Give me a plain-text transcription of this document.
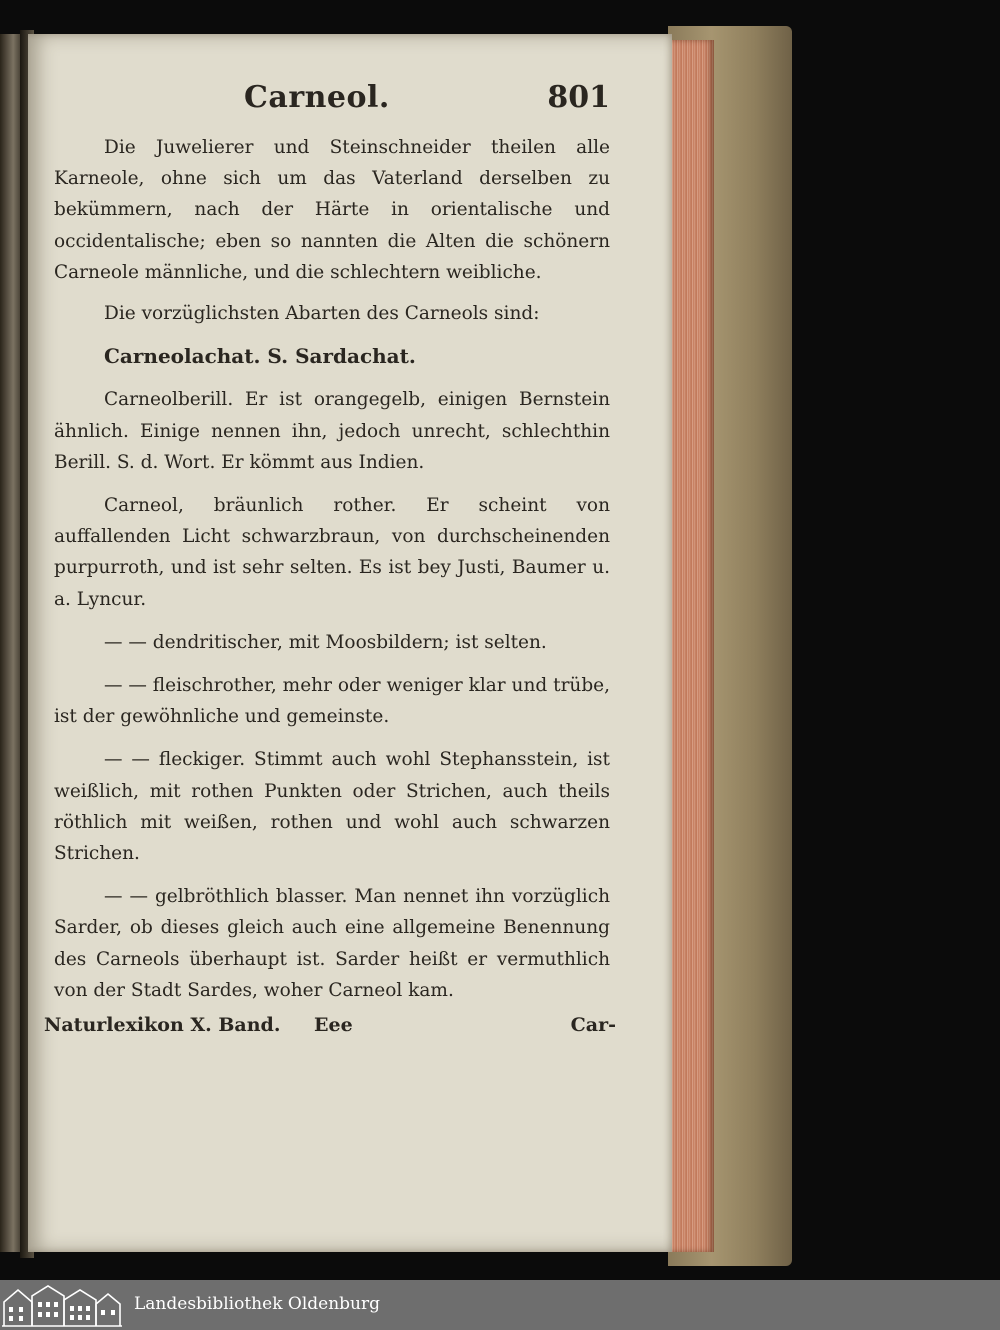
Carneol.	801

Die Juwelierer und Steinschneider theilen alle Karneole, ohne sich um das Vaterland derselben zu bekümmern, nach der Härte in orientalische und occidentalische; eben so nannten die Alten die schönern Carneole männliche, und die schlechtern weibliche.

Die vorzüglichsten Abarten des Carneols sind:

Carneolachat. S. Sardachat.

Carneolberill. Er ist orangegelb, einigen Bernstein ähnlich. Einige nennen ihn, jedoch unrecht, schlechthin Berill. S. d. Wort. Er kömmt aus Indien.

Carneol, bräunlich rother. Er scheint von auffallenden Licht schwarzbraun, von durchscheinenden purpurroth, und ist sehr selten. Es ist bey Justi, Baumer u. a. Lyncur.

— — dendritischer, mit Moosbildern; ist selten.

— — fleischrother, mehr oder weniger klar und trübe, ist der gewöhnliche und gemeinste.

— — fleckiger. Stimmt auch wohl Stephansstein, ist weißlich, mit rothen Punkten oder Strichen, auch theils röthlich mit weißen, rothen und wohl auch schwarzen Strichen.

— — gelbröthlich blasser. Man nennet ihn vorzüglich Sarder, ob dieses gleich auch eine allgemeine Benennung des Carneols überhaupt ist. Sarder heißt er vermuthlich von der Stadt Sardes, woher Carneol kam.

Naturlexikon X. Band. Eee	Car-
Landesbibliothek Oldenburg
